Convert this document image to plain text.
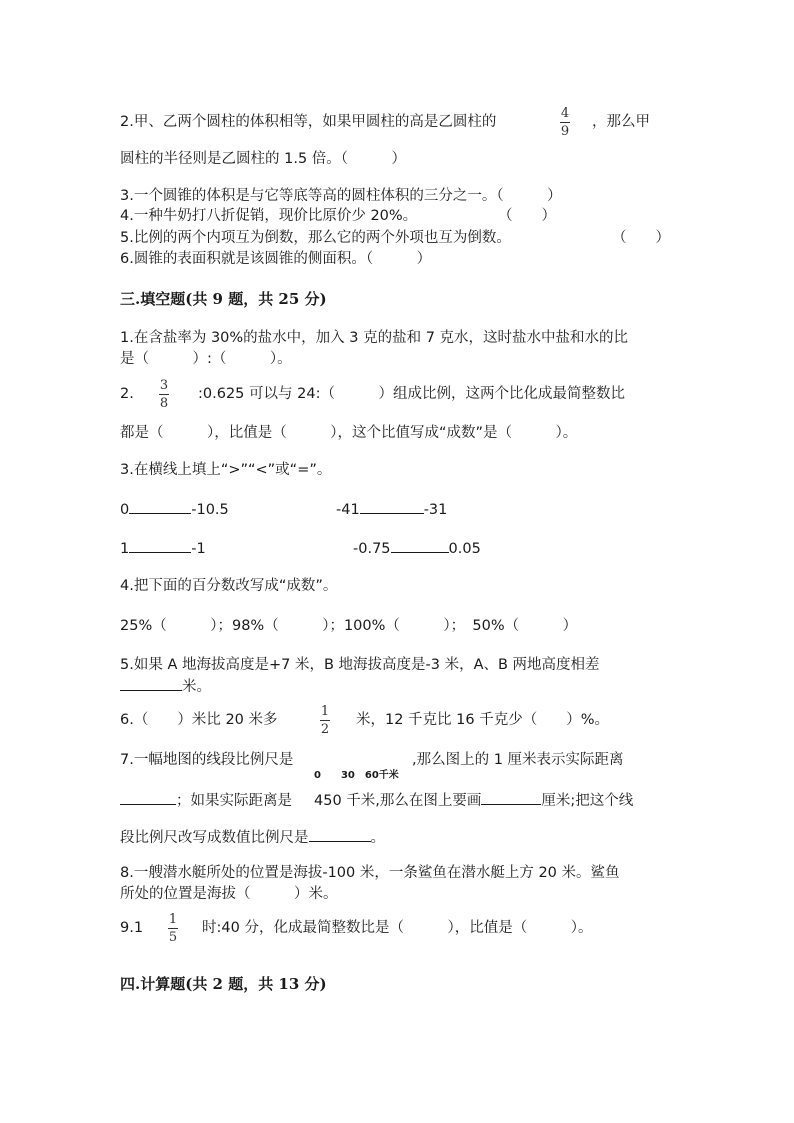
2.甲、乙两个圆柱的体积相等，如果甲圆柱的高是乙圆柱的
4
9
，那么甲
圆柱的半径则是乙圆柱的 1.5 倍。（　　　）
3.一个圆锥的体积是与它等底等高的圆柱体积的三分之一。（　　　）
4.一种牛奶打八折促销，现价比原价少 20%。	（　　）
5.比例的两个内项互为倒数，那么它的两个外项也互为倒数。	（　　）
6.圆锥的表面积就是该圆锥的侧面积。（　　　）
三.填空题(共 9 题，共 25 分)
1.在含盐率为 30%的盐水中，加入 3 克的盐和 7 克水，这时盐水中盐和水的比
是（　　　）:（　　　）。
2.
3
8
:0.625 可以与 24:（　　　）组成比例，这两个比化成最简整数比
都是（　　　），比值是（　　　），这个比值写成“成数”是（　　　）。
3.在横线上填上“>”“<”或“=”。
0	-10.5	-41	-31
1	-1	-0.75	0.05
4.把下面的百分数改写成“成数”。
25%（　　　）；98%（　　　）；100%（　　　）；　50%（　　　）
5.如果 A 地海拔高度是+7 米，B 地海拔高度是-3 米，A、B 两地高度相差
米。
6.（　　）米比 20 米多
1
2
米，12 千克比 16 千克少（　　）%。
7.一幅地图的线段比例尺是	,那么图上的 1 厘米表示实际距离
0　　30　60千米
；如果实际距离是 450 千米,那么在图上要画	厘米;把这个线
段比例尺改写成数值比例尺是	。
8.一艘潜水艇所处的位置是海拔-100 米，一条鲨鱼在潜水艇上方 20 米。鲨鱼
所处的位置是海拔（　　　）米。
9.1
1
5
时:40 分，化成最简整数比是（　　　），比值是（　　　）。
四.计算题(共 2 题，共 13 分)
